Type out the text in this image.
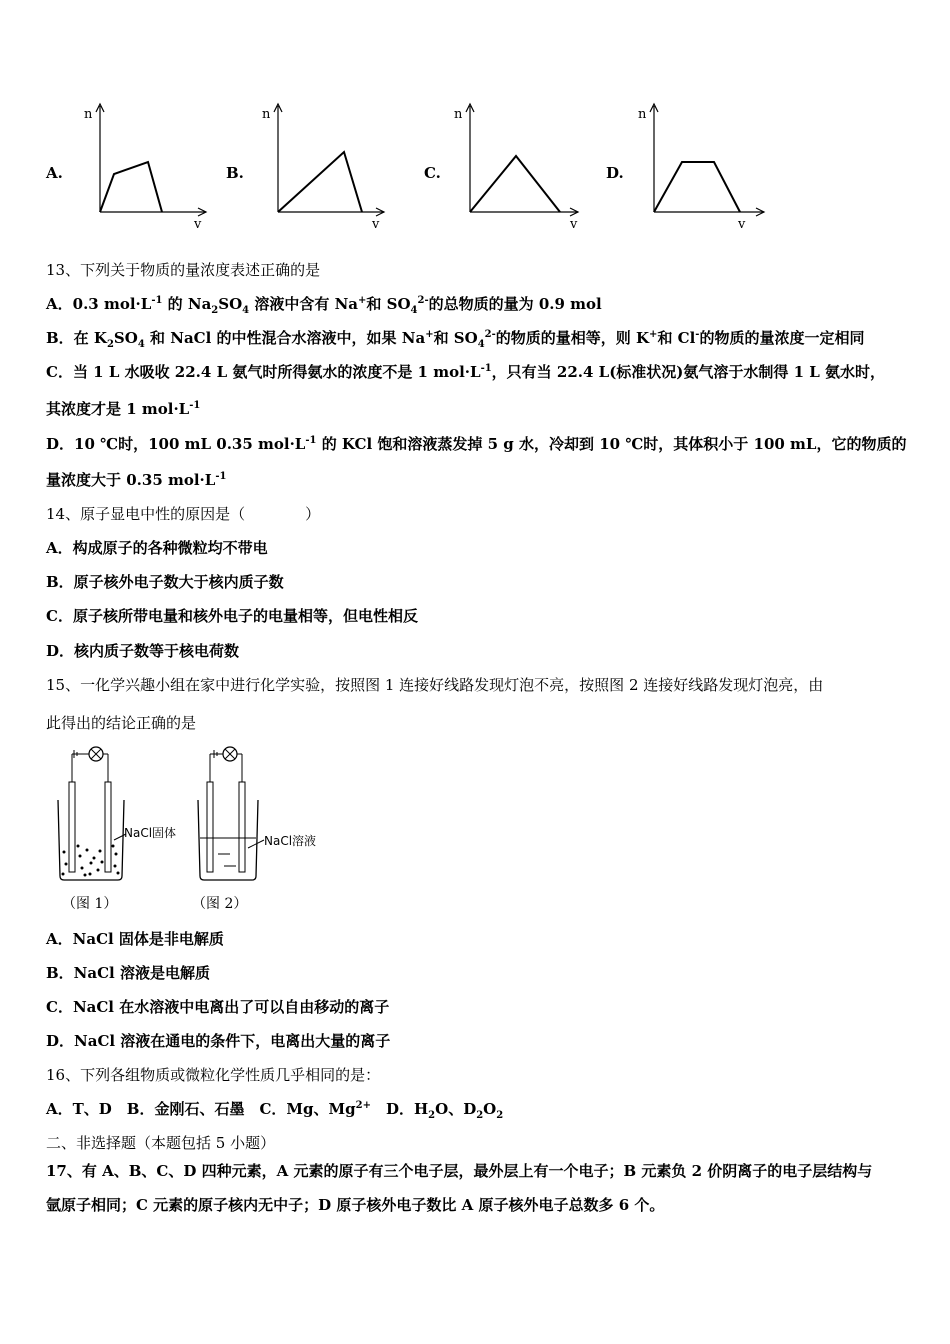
A.
n
v
B.
n
v
C.
n
v
D.
n
v
13、下列关于物质的量浓度表述正确的是
A．0.3 $mol\cdot L^{-1}$ 的 $Na_2SO_4$ 溶液中含有 Na+和 $SO_4^{2-}$的总物质的量为 0.9 mol
B．在 $K_2SO_4$ 和 NaCl 的中性混合水溶液中，如果 Na+和 $SO_4^{2-}$的物质的量相等，则 K+和 Cl-的物质的量浓度一定相同
C．当 1 L 水吸收 22.4 L 氨气时所得氨水的浓度不是 1 $mol\cdot L^{-1}$，只有当 22.4 L(标准状况)氨气溶于水制得 1 L 氨水时，
其浓度才是 1 $mol\cdot L^{-1}$
D．10 ℃时，100 mL 0.35 $mol\cdot L^{-1}$ 的 KCl 饱和溶液蒸发掉 5 g 水，冷却到 10 ℃时，其体积小于 100 mL，它的物质的
量浓度大于 0.35 $mol\cdot L^{-1}$
14、原子显电中性的原因是（　　　　）
A．构成原子的各种微粒均不带电
B．原子核外电子数大于核内质子数
C．原子核所带电量和核外电子的电量相等，但电性相反
D．核内质子数等于核电荷数
15、一化学兴趣小组在家中进行化学实验，按照图 1 连接好线路发现灯泡不亮，按照图 2 连接好线路发现灯泡亮，由
此得出的结论正确的是
NaCl固体
（图 1）
NaCl溶液
（图 2）
A．NaCl 固体是非电解质
B．NaCl 溶液是电解质
C．NaCl 在水溶液中电离出了可以自由移动的离子
D．NaCl 溶液在通电的条件下，电离出大量的离子
16、下列各组物质或微粒化学性质几乎相同的是：
A．T、D　B．金刚石、石墨　C．Mg、$Mg^{2+}$　D．$H_2O$、$D_2O_2$
二、非选择题（本题包括 5 小题）
17、有 A、B、C、D 四种元素，A 元素的原子有三个电子层，最外层上有一个电子；B 元素负 2 价阴离子的电子层结构与
氩原子相同；C 元素的原子核内无中子；D 原子核外电子数比 A 原子核外电子总数多 6 个。
